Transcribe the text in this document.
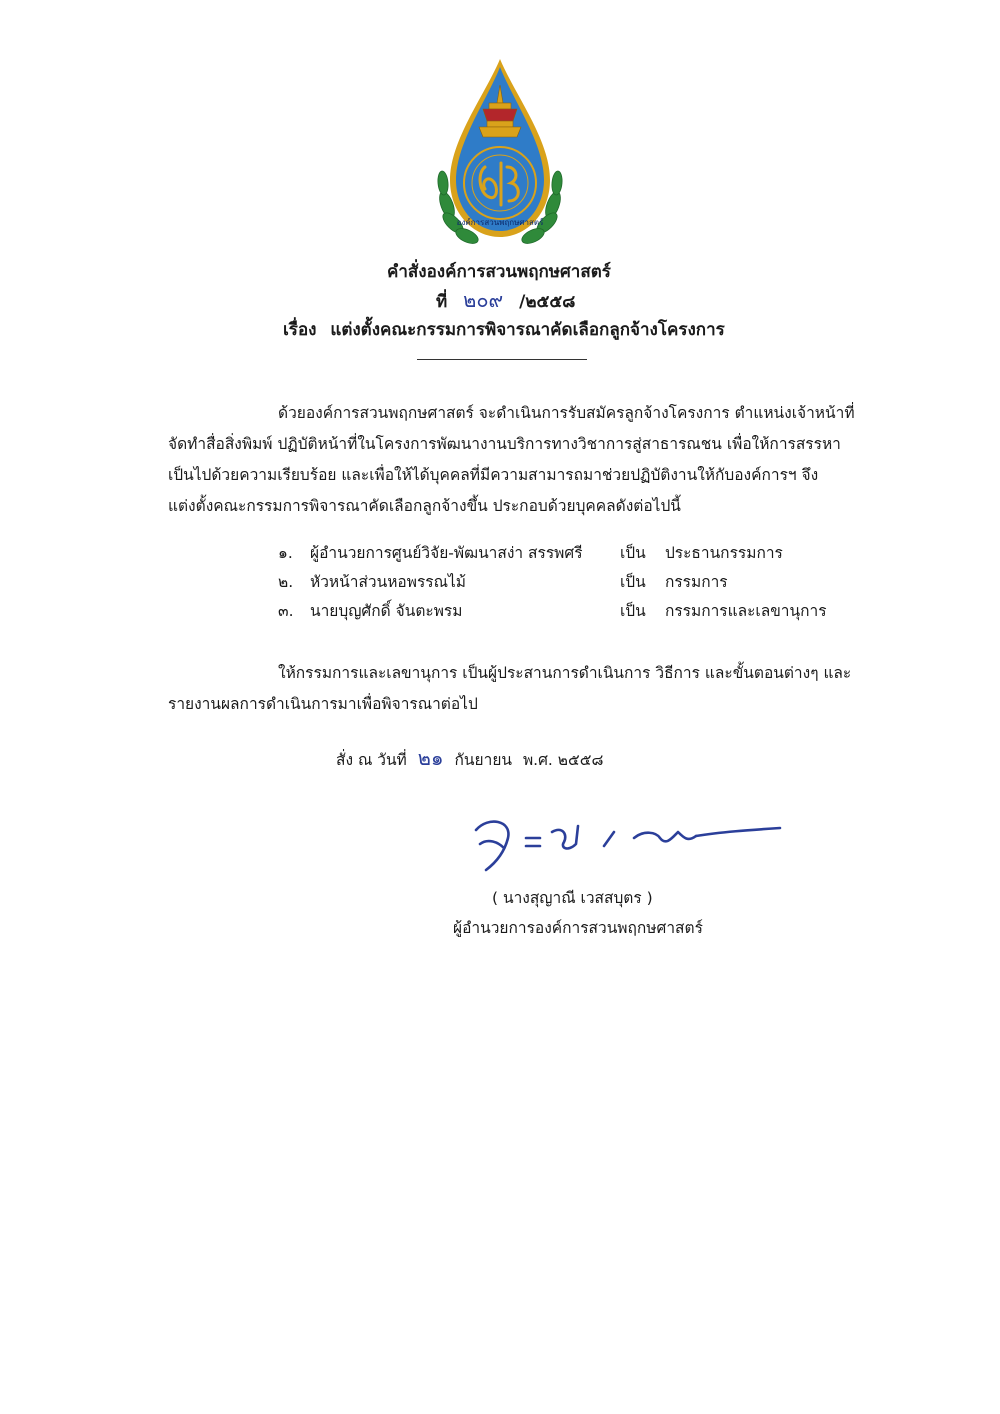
องค์การสวนพฤกษศาสตร์
คำสั่งองค์การสวนพฤกษศาสตร์
ที่ ๒๐๙ /๒๕๕๘
เรื่อง แต่งตั้งคณะกรรมการพิจารณาคัดเลือกลูกจ้างโครงการ
ด้วยองค์การสวนพฤกษศาสตร์ จะดำเนินการรับสมัครลูกจ้างโครงการ ตำแหน่งเจ้าหน้าที่
จัดทำสื่อสิ่งพิมพ์ ปฏิบัติหน้าที่ในโครงการพัฒนางานบริการทางวิชาการสู่สาธารณชน เพื่อให้การสรรหา
เป็นไปด้วยความเรียบร้อย และเพื่อให้ได้บุคคลที่มีความสามารถมาช่วยปฏิบัติงานให้กับองค์การฯ จึง
แต่งตั้งคณะกรรมการพิจารณาคัดเลือกลูกจ้างขึ้น ประกอบด้วยบุคคลดังต่อไปนี้
๑. ผู้อำนวยการศูนย์วิจัย-พัฒนาสง่า สรรพศรี เป็น ประธานกรรมการ
๒. หัวหน้าส่วนหอพรรณไม้	เป็น กรรมการ
๓. นายบุญศักดิ์ จันตะพรม	เป็น กรรมการและเลขานุการ
ให้กรรมการและเลขานุการ เป็นผู้ประสานการดำเนินการ วิธีการ และขั้นตอนต่างๆ และ
รายงานผลการดำเนินการมาเพื่อพิจารณาต่อไป
สั่ง ณ วันที่ ๒๑ กันยายน พ.ศ. ๒๕๕๘
( นางสุญาณี เวสสบุตร )
ผู้อำนวยการองค์การสวนพฤกษศาสตร์
